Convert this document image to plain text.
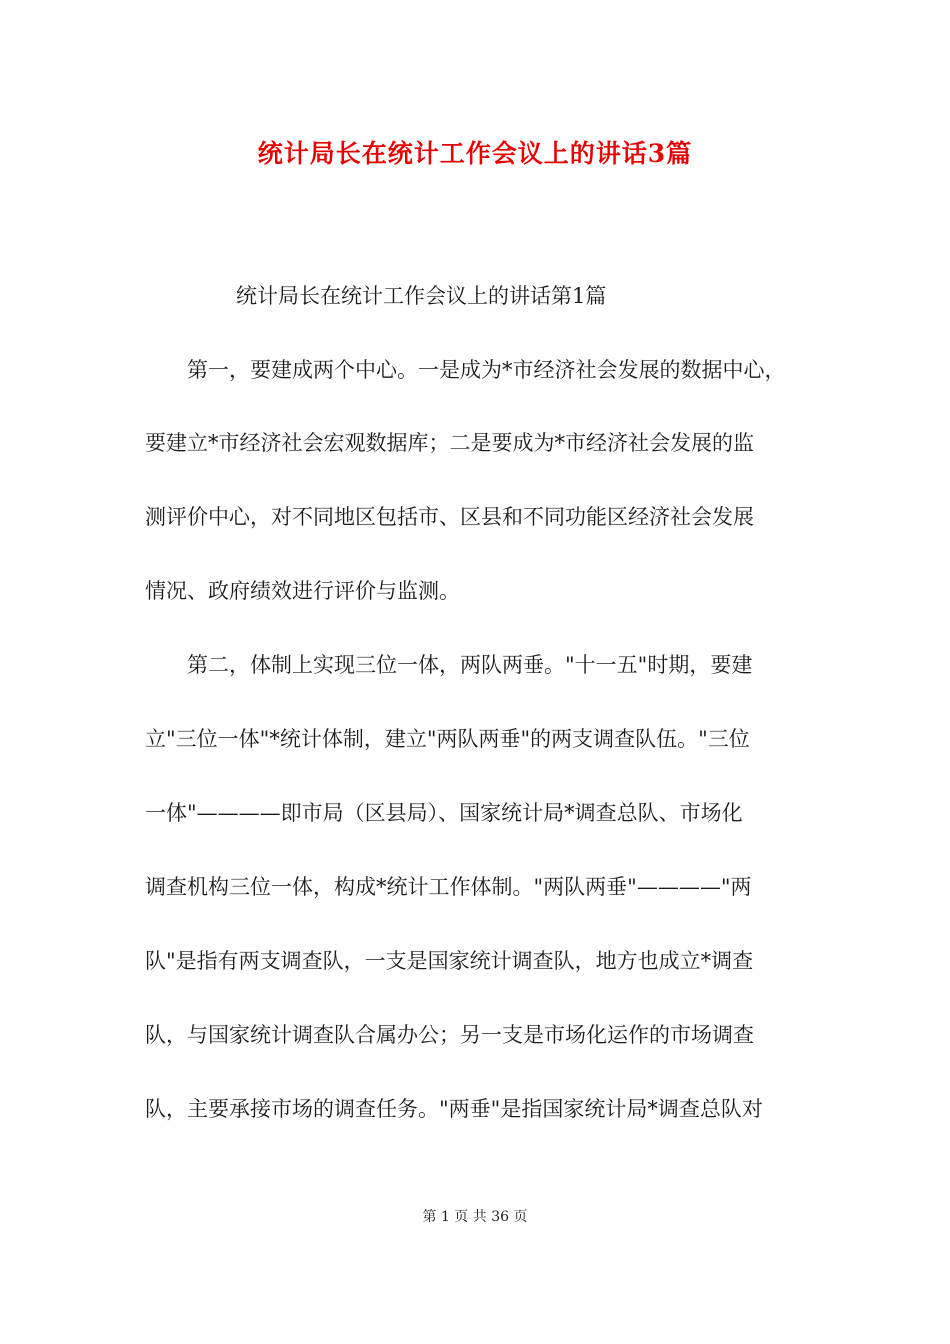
统计局长在统计工作会议上的讲话3篇
统计局长在统计工作会议上的讲话第1篇
　　第一，要建成两个中心。一是成为*市经济社会发展的数据中心，
要建立*市经济社会宏观数据库；二是要成为*市经济社会发展的监
测评价中心，对不同地区包括市、区县和不同功能区经济社会发展
情况、政府绩效进行评价与监测。
　　第二，体制上实现三位一体，两队两垂。"十一五"时期，要建
立"三位一体"*统计体制，建立"两队两垂"的两支调查队伍。"三位
一体"————即市局（区县局）、国家统计局*调查总队、市场化
调查机构三位一体，构成*统计工作体制。"两队两垂"————"两
队"是指有两支调查队，一支是国家统计调查队，地方也成立*调查
队，与国家统计调查队合属办公；另一支是市场化运作的市场调查
队，主要承接市场的调查任务。"两垂"是指国家统计局*调查总队对
第 1 页 共 36 页
